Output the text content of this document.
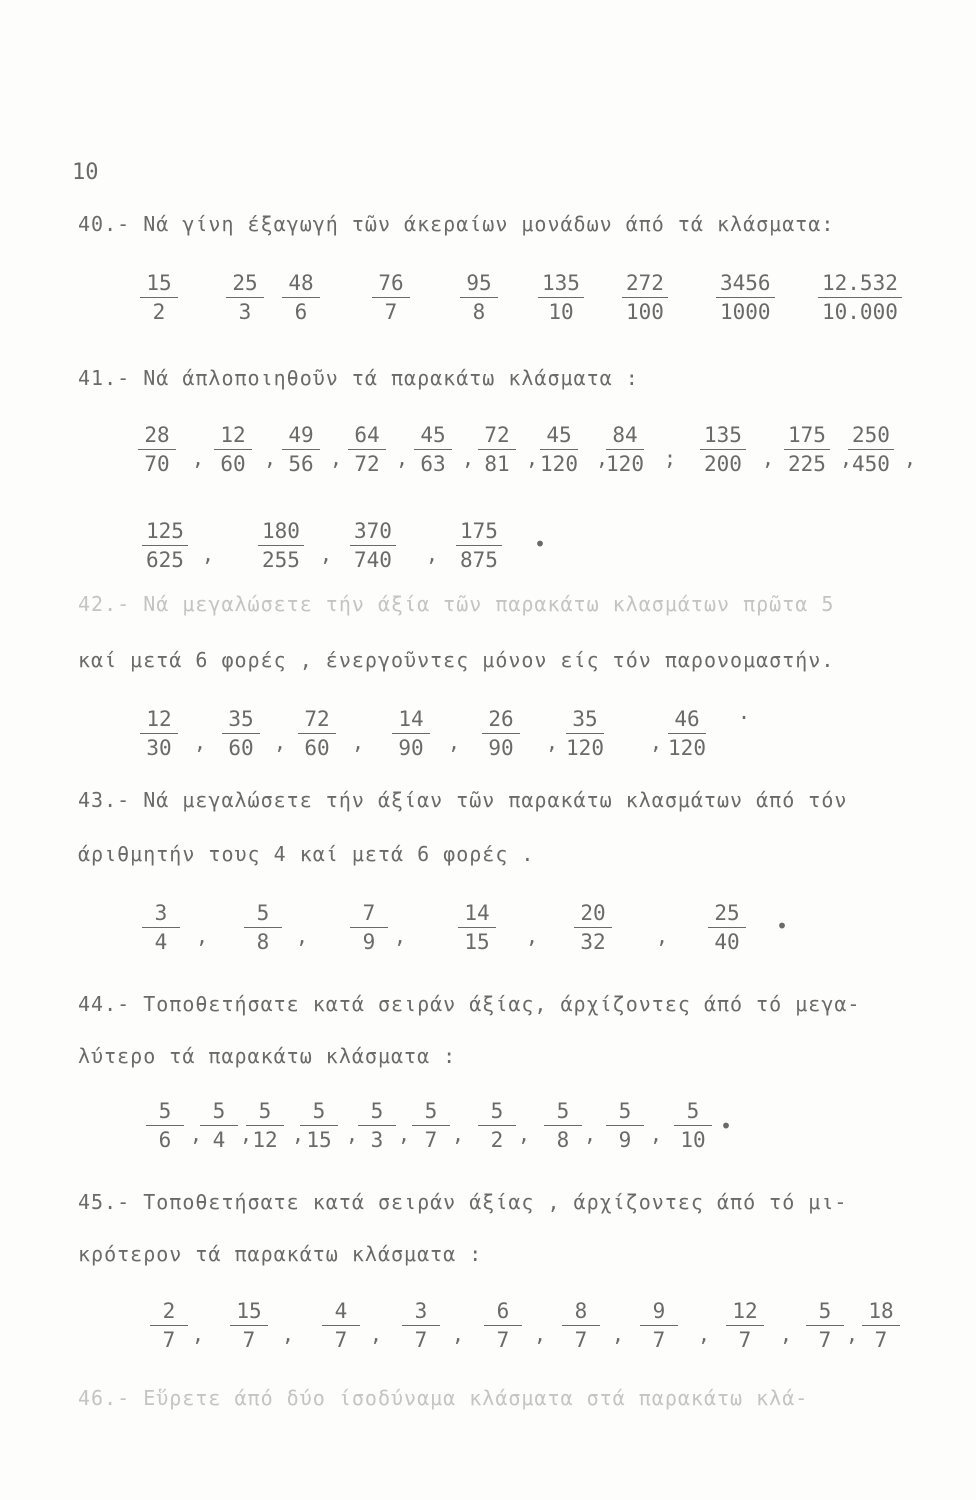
10
40.- Νά γίνη έξαγωγή τῶν άκεραίων μονάδων άπό τά κλάσματα:
$\frac{15}{2} \frac{25}{3} \frac{48}{6} \frac{76}{7} \frac{95}{8} \frac{135}{10} \frac{272}{100} \frac{3456}{1000} \frac{12.532}{10.000}$
41.- Νά άπλοποιηθοῦν τά παρακάτω κλάσματα :
$\frac{28}{70}$ , $\frac{12}{60}$ , $\frac{49}{56}$ , $\frac{64}{72}$ , $\frac{45}{63}$ , $\frac{72}{81}$ , $\frac{45}{120}$ ,
$\frac{84}{120}$ ; $\frac{135}{200}$ , $\frac{175}{225}$ ,
$\frac{250}{450}$ ,
$\frac{125}{625}$ , $\frac{180}{255}$ , $\frac{370}{740}$ , $\frac{175}{875}$ •
42.- Νά μεγαλώσετε τήν άξία τῶν παρακάτω κλασμάτων πρῶτα 5
καί μετά 6 φορές , ένεργοῦντες μόνον είς τόν παρονομαστήν.
$\frac{12}{30}$ , $\frac{35}{60}$ , $\frac{72}{60}$ , $\frac{14}{90}$ , $\frac{26}{90}$ , $\frac{35}{120}$ , $\frac{46}{120}$ .
43.- Νά μεγαλώσετε τήν άξίαν τῶν παρακάτω κλασμάτων άπό τόν
άριθμητήν τους 4 καί μετά 6 φορές .
$\frac{3}{4}$ , $\frac{5}{8}$ , $\frac{7}{9}$ , $\frac{14}{15}$ , $\frac{20}{32}$ , $\frac{25}{40}$ •
44.- Τοποθετήσατε κατά σειράν άξίας, άρχίζοντες άπό τό μεγα-
λύτερο τά παρακάτω κλάσματα :
$\frac{5}{6}$ ,
$\frac{5}{4}$ ,
$\frac{5}{12}$ ,
$\frac{5}{15}$ , $\frac{5}{3}$ , $\frac{5}{7}$ , $\frac{5}{2}$ , $\frac{5}{8}$ , $\frac{5}{9}$ , $\frac{5}{10}$ •
45.- Τοποθετήσατε κατά σειράν άξίας , άρχίζοντες άπό τό μι-
κρότερον τά παρακάτω κλάσματα :
$\frac{2}{7}$ , $\frac{15}{7}$ , $\frac{4}{7}$ , $\frac{3}{7}$ , $\frac{6}{7}$ , $\frac{8}{7}$ , $\frac{9}{7}$ , $\frac{12}{7}$ , $\frac{5}{7}$ , $\frac{18}{7}$
46.- Εὕρετε άπό δύο ίσοδύναμα κλάσματα στά παρακάτω κλά-
